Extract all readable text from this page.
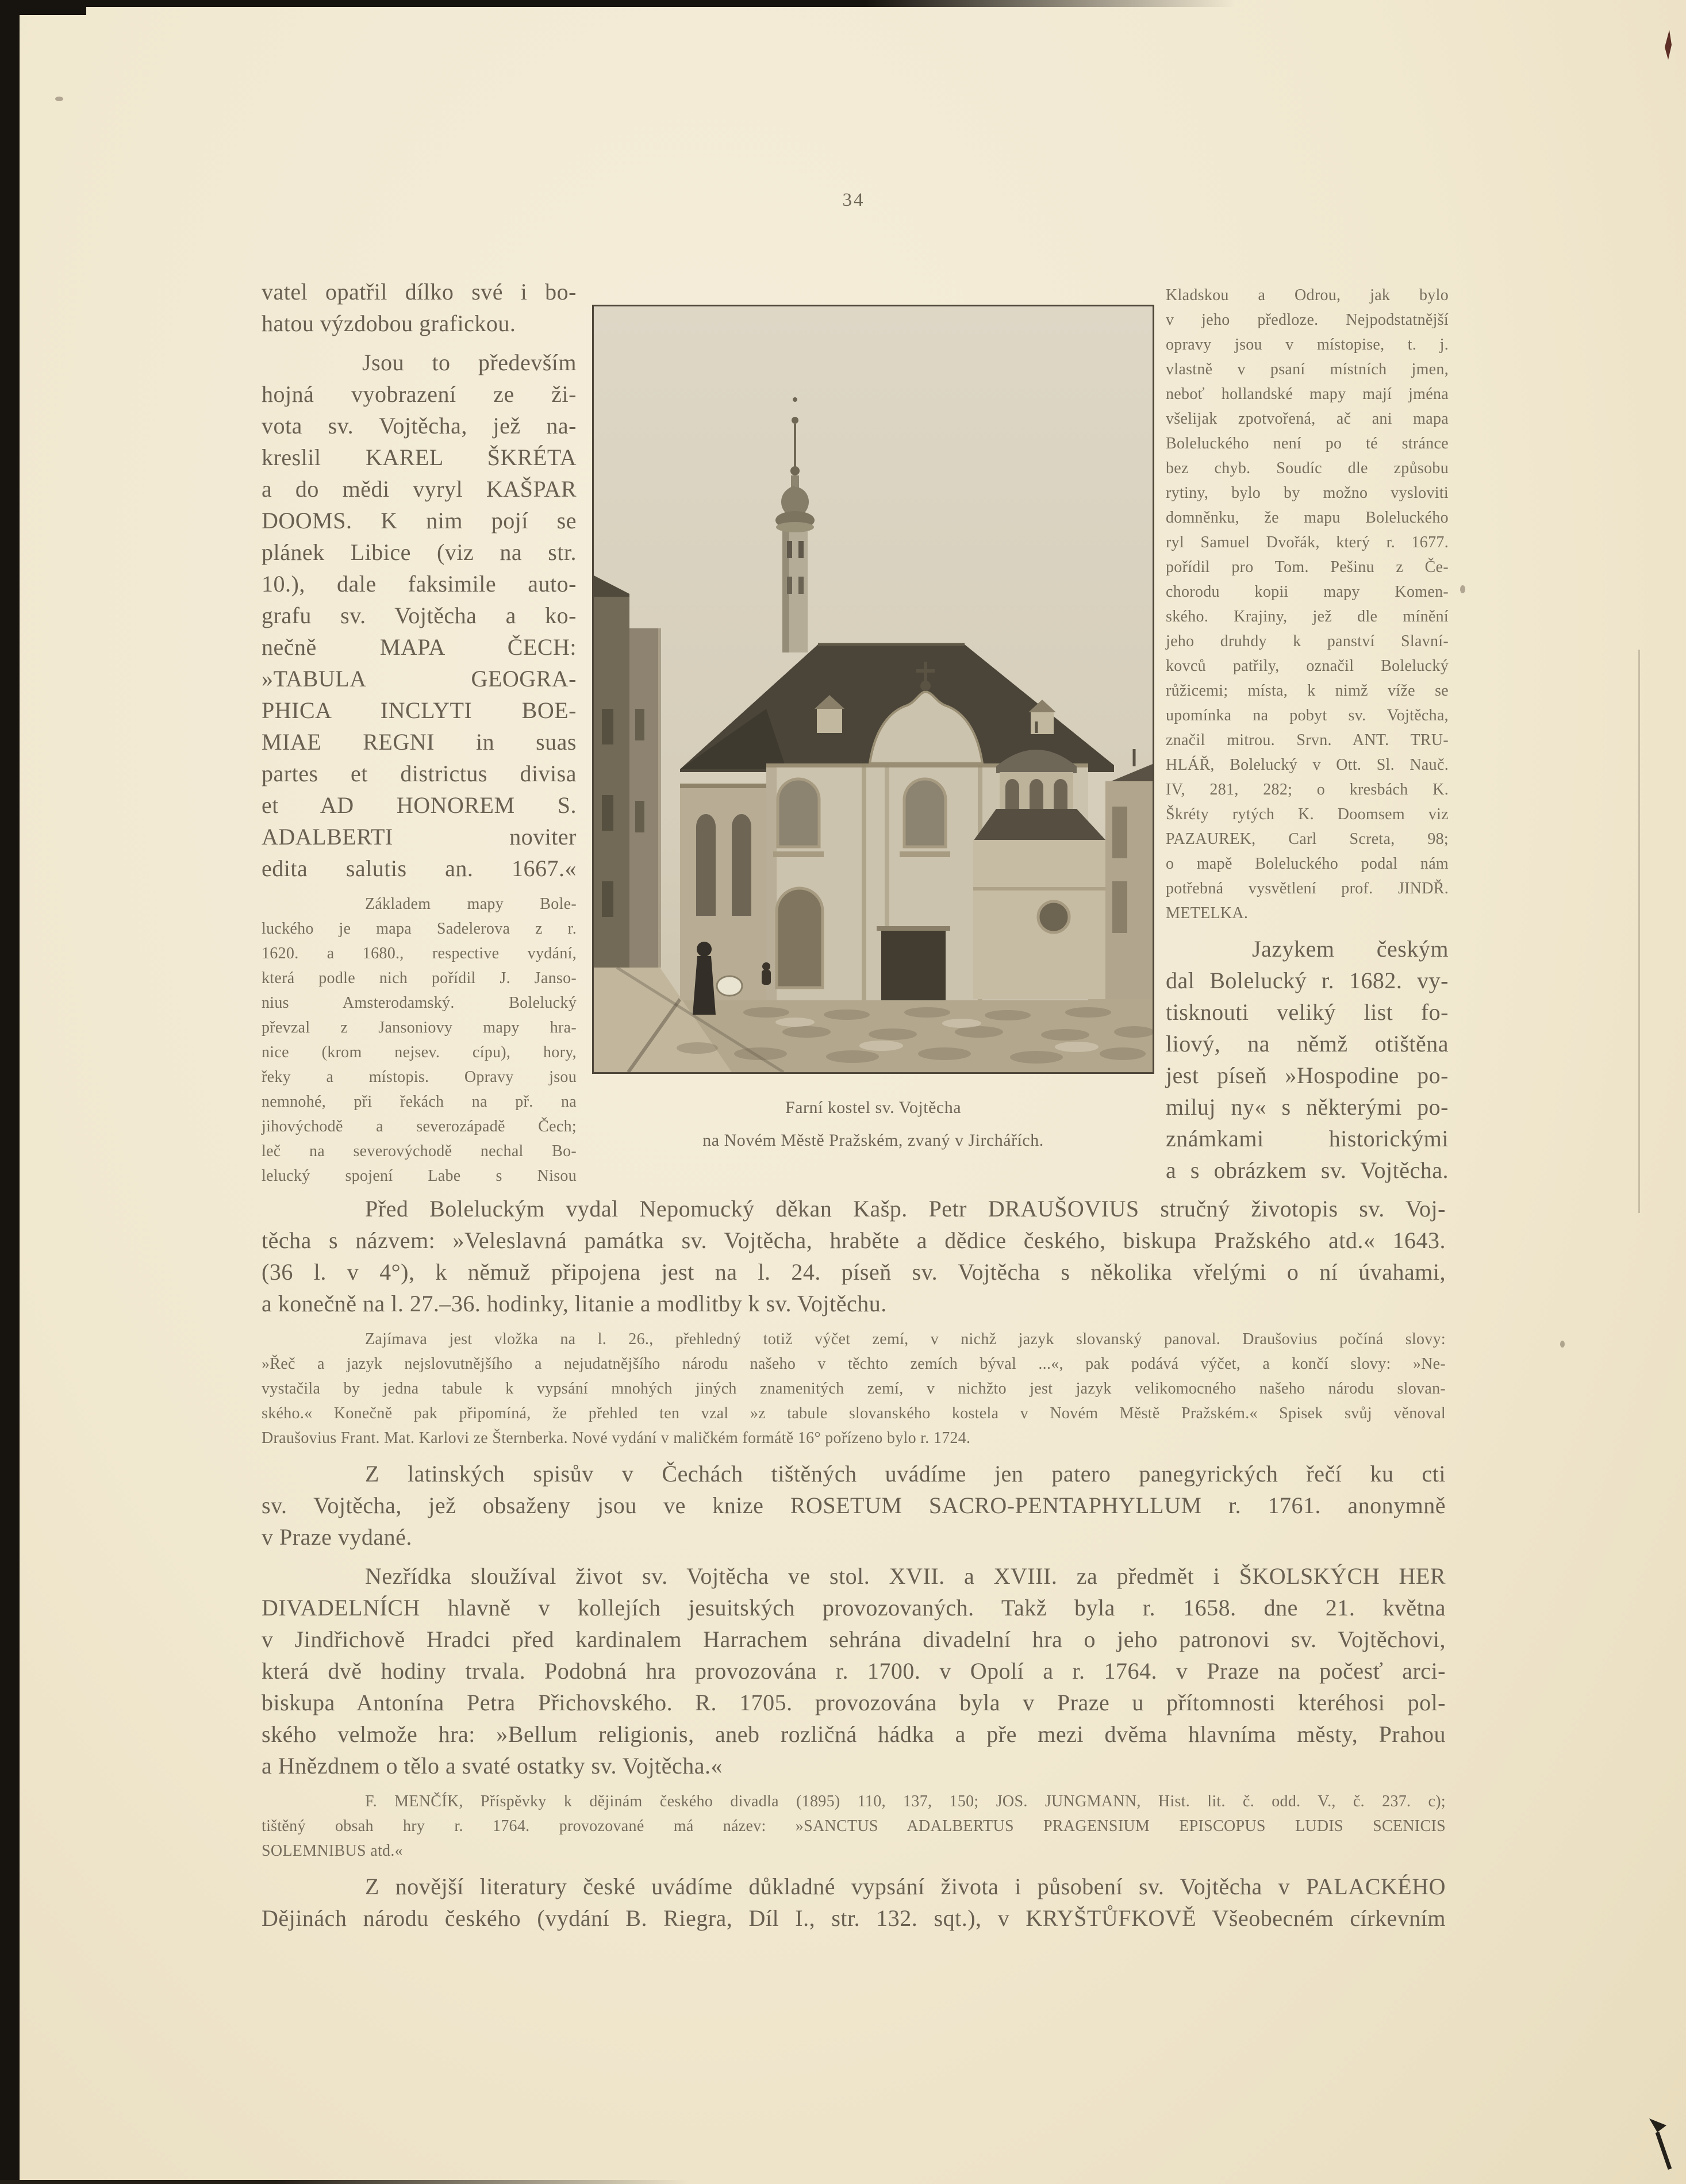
34
vatel opatřil dílko své i bo-
hatou výzdobou grafickou.
Jsou to především
hojná vyobrazení ze ži-
vota sv. Vojtěcha, jež na-
kreslil KAREL ŠKRÉTA
a do mědi vyryl KAŠPAR
DOOMS. K nim pojí se
plánek Libice (viz na str.
10.), dale faksimile auto-
grafu sv. Vojtěcha a ko-
nečně MAPA ČECH:
»TABULA GEOGRA-
PHICA INCLYTI BOE-
MIAE REGNI in suas
partes et districtus divisa
et AD HONOREM S.
ADALBERTI noviter
edita salutis an. 1667.«
Základem mapy Bole-
luckého je mapa Sadelerova z r.
1620. a 1680., respective vydání,
která podle nich pořídil J. Janso-
nius Amsterodamský. Bolelucký
převzal z Jansoniovy mapy hra-
nice (krom nejsev. cípu), hory,
řeky a místopis. Opravy jsou
nemnohé, při řekách na př. na
jihovýchodě a severozápadě Čech;
leč na severovýchodě nechal Bo-
lelucký spojení Labe s Nisou
Farní kostel sv. Vojtěcha
na Novém Městě Pražském, zvaný v Jirchářích.
Kladskou a Odrou, jak bylo
v jeho předloze. Nejpodstatnější
opravy jsou v místopise, t. j.
vlastně v psaní místních jmen,
neboť hollandské mapy mají jména
všelijak zpotvořená, ač ani mapa
Boleluckého není po té stránce
bez chyb. Soudíc dle způsobu
rytiny, bylo by možno vysloviti
domněnku, že mapu Boleluckého
ryl Samuel Dvořák, který r. 1677.
pořídil pro Tom. Pešinu z Če-
chorodu kopii mapy Komen-
ského. Krajiny, jež dle mínění
jeho druhdy k panství Slavní-
kovců patřily, označil Bolelucký
růžicemi; místa, k nimž víže se
upomínka na pobyt sv. Vojtěcha,
značil mitrou. Srvn. ANT. TRU-
HLÁŘ, Bolelucký v Ott. Sl. Nauč.
IV, 281, 282; o kresbách K.
Škréty rytých K. Doomsem viz
PAZAUREK, Carl Screta, 98;
o mapě Boleluckého podal nám
potřebná vysvětlení prof. JINDŘ.
METELKA.
Jazykem českým
dal Bolelucký r. 1682. vy-
tisknouti veliký list fo-
liový, na němž otištěna
jest píseň »Hospodine po-
miluj ny« s některými po-
známkami historickými
a s obrázkem sv. Vojtěcha.
Před Boleluckým vydal Nepomucký děkan Kašp. Petr DRAUŠOVIUS stručný životopis sv. Voj-
těcha s názvem: »Veleslavná památka sv. Vojtěcha, hraběte a dědice českého, biskupa Pražského atd.« 1643.
(36 l. v 4°), k němuž připojena jest na l. 24. píseň sv. Vojtěcha s několika vřelými o ní úvahami,
a konečně na l. 27.–36. hodinky, litanie a modlitby k sv. Vojtěchu.
Zajímava jest vložka na l. 26., přehledný totiž výčet zemí, v nichž jazyk slovanský panoval. Draušovius počíná slovy:
»Řeč a jazyk nejslovutnějšího a nejudatnějšího národu našeho v těchto zemích býval ...«, pak podává výčet, a končí slovy: »Ne-
vystačila by jedna tabule k vypsání mnohých jiných znamenitých zemí, v nichžto jest jazyk velikomocného našeho národu slovan-
ského.« Konečně pak připomíná, že přehled ten vzal »z tabule slovanského kostela v Novém Městě Pražském.« Spisek svůj věnoval
Draušovius Frant. Mat. Karlovi ze Šternberka. Nové vydání v maličkém formátě 16° pořízeno bylo r. 1724.
Z latinských spisův v Čechách tištěných uvádíme jen patero panegyrických řečí ku cti
sv. Vojtěcha, jež obsaženy jsou ve knize ROSETUM SACRO-PENTAPHYLLUM r. 1761. anonymně
v Praze vydané.
Nezřídka sloužíval život sv. Vojtěcha ve stol. XVII. a XVIII. za předmět i ŠKOLSKÝCH HER
DIVADELNÍCH hlavně v kollejích jesuitských provozovaných. Takž byla r. 1658. dne 21. května
v Jindřichově Hradci před kardinalem Harrachem sehrána divadelní hra o jeho patronovi sv. Vojtěchovi,
která dvě hodiny trvala. Podobná hra provozována r. 1700. v Opolí a r. 1764. v Praze na počesť arci-
biskupa Antonína Petra Přichovského. R. 1705. provozována byla v Praze u přítomnosti kteréhosi pol-
ského velmože hra: »Bellum religionis, aneb rozličná hádka a pře mezi dvěma hlavníma městy, Prahou
a Hnězdnem o tělo a svaté ostatky sv. Vojtěcha.«
F. MENČÍK, Příspěvky k dějinám českého divadla (1895) 110, 137, 150; JOS. JUNGMANN, Hist. lit. č. odd. V., č. 237. c);
tištěný obsah hry r. 1764. provozované má název: »SANCTUS ADALBERTUS PRAGENSIUM EPISCOPUS LUDIS SCENICIS
SOLEMNIBUS atd.«
Z novější literatury české uvádíme důkladné vypsání života i působení sv. Vojtěcha v PALACKÉHO
Dějinách národu českého (vydání B. Riegra, Díl I., str. 132. sqt.), v KRYŠTŮFKOVĚ Všeobecném církevním
